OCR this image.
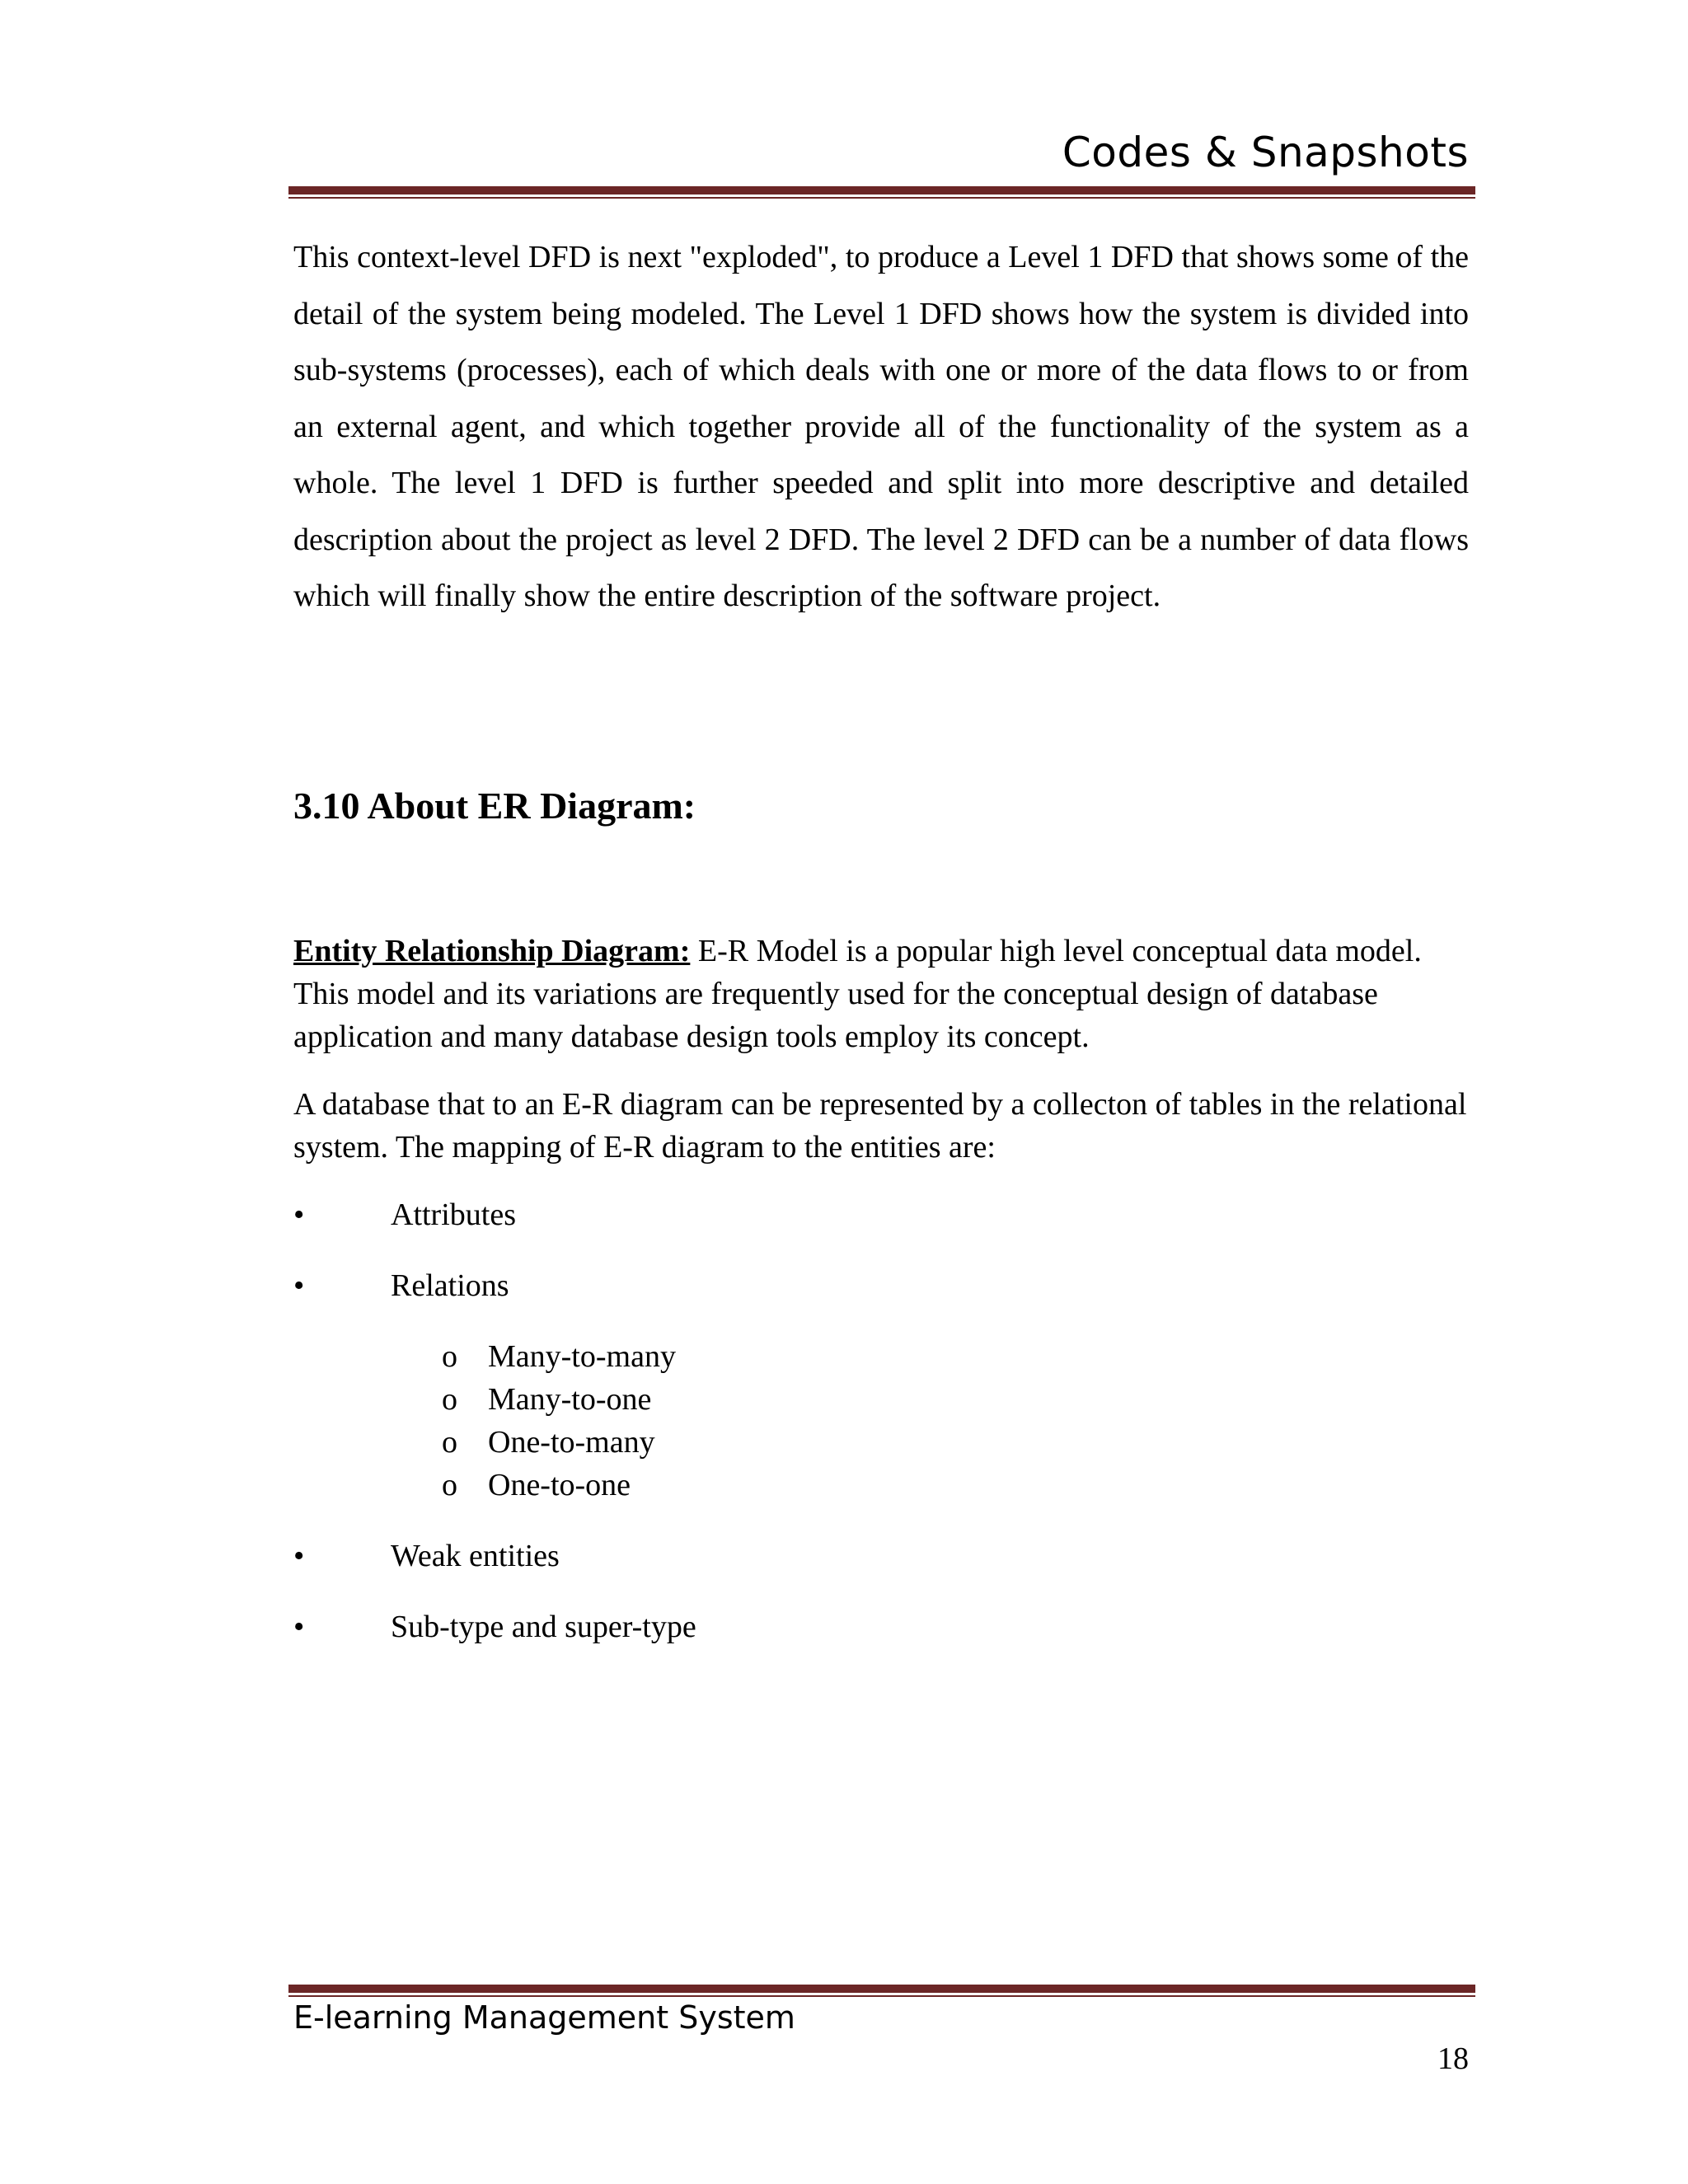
Codes & Snapshots

This context-level DFD is next "exploded", to produce a Level 1 DFD that shows some of the detail of the system being modeled. The Level 1 DFD shows how the system is divided into sub-systems (processes), each of which deals with one or more of the data flows to or from an external agent, and which together provide all of the functionality of the system as a whole. The level 1 DFD is further speeded and split into more descriptive and detailed description about the project as level 2 DFD. The level 2 DFD can be a number of data flows which will finally show the entire description of the software project.

3.10 About ER Diagram:

Entity Relationship Diagram: E-R Model is a popular high level conceptual data model. This model and its variations are frequently used for the conceptual design of database application and many database design tools employ its concept.

A database that to an E-R diagram can be represented by a collecton of tables in the relational system. The mapping of E-R diagram to the entities are:

•	Attributes
•	Relations
o Many-to-many
o Many-to-one
o One-to-many
o One-to-one
•	Weak entities
•	Sub-type and super-type
E-learning Management System
18
